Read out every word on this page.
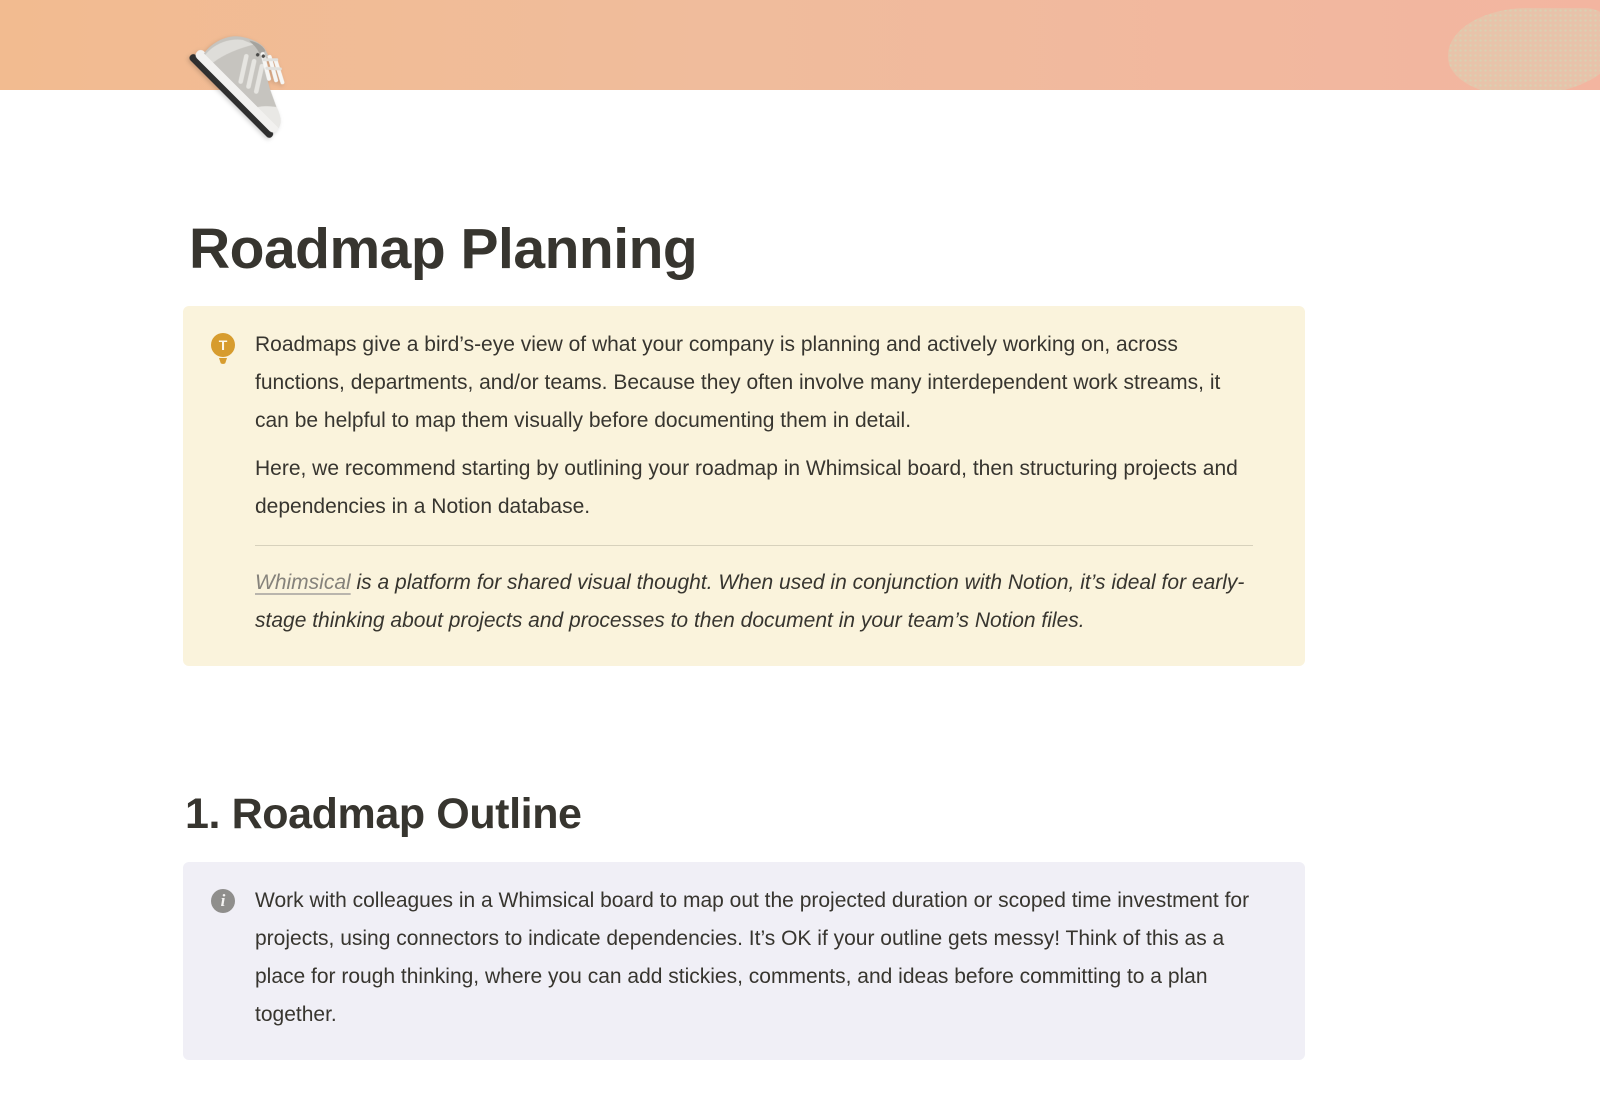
Roadmap Planning
T	Roadmaps give a bird’s-eye view of what your company is planning and actively working on, across functions, departments, and/or teams. Because they often involve many interdependent work streams, it can be helpful to map them visually before documenting them in detail.

Here, we recommend starting by outlining your roadmap in Whimsical board, then structuring projects and dependencies in a Notion database.

Whimsical is a platform for shared visual thought. When used in conjunction with Notion, it’s ideal for early-stage thinking about projects and processes to then document in your team’s Notion files.

1. Roadmap Outline
i	Work with colleagues in a Whimsical board to map out the projected duration or scoped time investment for projects, using connectors to indicate dependencies. It’s OK if your outline gets messy! Think of this as a place for rough thinking, where you can add stickies, comments, and ideas before committing to a plan together.
